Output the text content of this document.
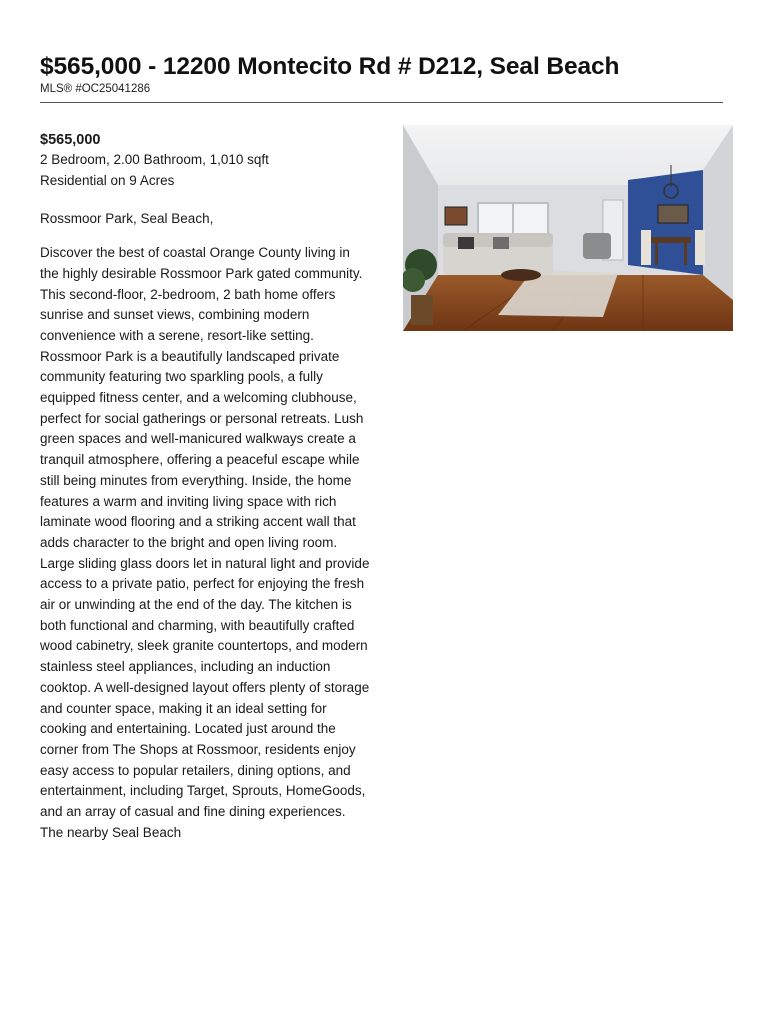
$565,000 - 12200 Montecito Rd # D212, Seal Beach
MLS® #OC25041286
$565,000
2 Bedroom, 2.00 Bathroom, 1,010 sqft
Residential on 9 Acres
Rossmoor Park, Seal Beach,
Discover the best of coastal Orange County living in the highly desirable Rossmoor Park gated community. This second-floor, 2-bedroom, 2 bath home offers sunrise and sunset views, combining modern convenience with a serene, resort-like setting. Rossmoor Park is a beautifully landscaped private community featuring two sparkling pools, a fully equipped fitness center, and a welcoming clubhouse, perfect for social gatherings or personal retreats. Lush green spaces and well-manicured walkways create a tranquil atmosphere, offering a peaceful escape while still being minutes from everything. Inside, the home features a warm and inviting living space with rich laminate wood flooring and a striking accent wall that adds character to the bright and open living room. Large sliding glass doors let in natural light and provide access to a private patio, perfect for enjoying the fresh air or unwinding at the end of the day. The kitchen is both functional and charming, with beautifully crafted wood cabinetry, sleek granite countertops, and modern stainless steel appliances, including an induction cooktop. A well-designed layout offers plenty of storage and counter space, making it an ideal setting for cooking and entertaining. Located just around the corner from The Shops at Rossmoor, residents enjoy easy access to popular retailers, dining options, and entertainment, including Target, Sprouts, HomeGoods, and an array of casual and fine dining experiences. The nearby Seal Beach
